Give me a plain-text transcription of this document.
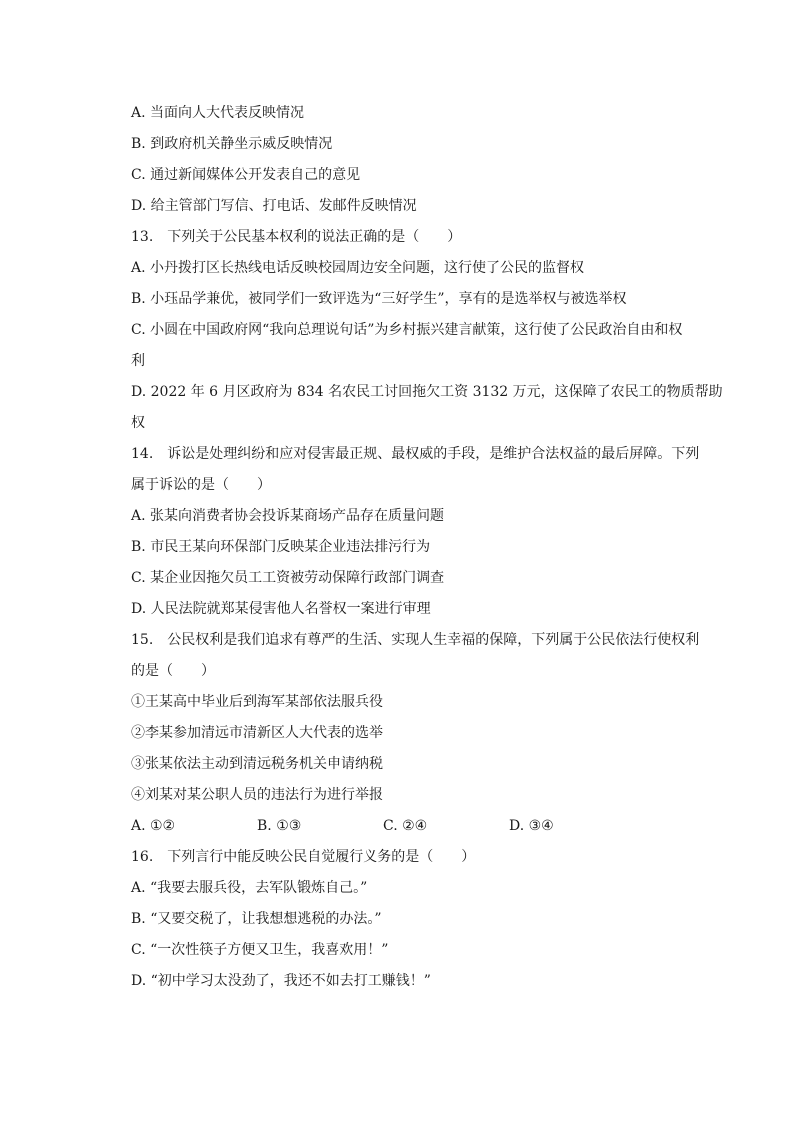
A. 当面向人大代表反映情况
B. 到政府机关静坐示威反映情况
C. 通过新闻媒体公开发表自己的意见
D. 给主管部门写信、打电话、发邮件反映情况
13. 下列关于公民基本权利的说法正确的是（　　）
A. 小丹拨打区长热线电话反映校园周边安全问题，这行使了公民的监督权
B. 小珏品学兼优，被同学们一致评选为“三好学生”，享有的是选举权与被选举权
C. 小圆在中国政府网“我向总理说句话”为乡村振兴建言献策，这行使了公民政治自由和权
利
D. 2022 年 6 月区政府为 834 名农民工讨回拖欠工资 3132 万元，这保障了农民工的物质帮助
权
14. 诉讼是处理纠纷和应对侵害最正规、最权威的手段，是维护合法权益的最后屏障。下列
属于诉讼的是（　　）
A. 张某向消费者协会投诉某商场产品存在质量问题
B. 市民王某向环保部门反映某企业违法排污行为
C. 某企业因拖欠员工工资被劳动保障行政部门调查
D. 人民法院就郑某侵害他人名誉权一案进行审理
15. 公民权利是我们追求有尊严的生活、实现人生幸福的保障，下列属于公民依法行使权利
的是（　　）
①王某高中毕业后到海军某部依法服兵役
②李某参加清远市清新区人大代表的选举
③张某依法主动到清远税务机关申请纳税
④刘某对某公职人员的违法行为进行举报
A. ①②	B. ①③	C. ②④	D. ③④
16. 下列言行中能反映公民自觉履行义务的是（　　）
A. “我要去服兵役，去军队锻炼自己。”
B. “又要交税了，让我想想逃税的办法。”
C. “一次性筷子方便又卫生，我喜欢用！”
D. “初中学习太没劲了，我还不如去打工赚钱！”
